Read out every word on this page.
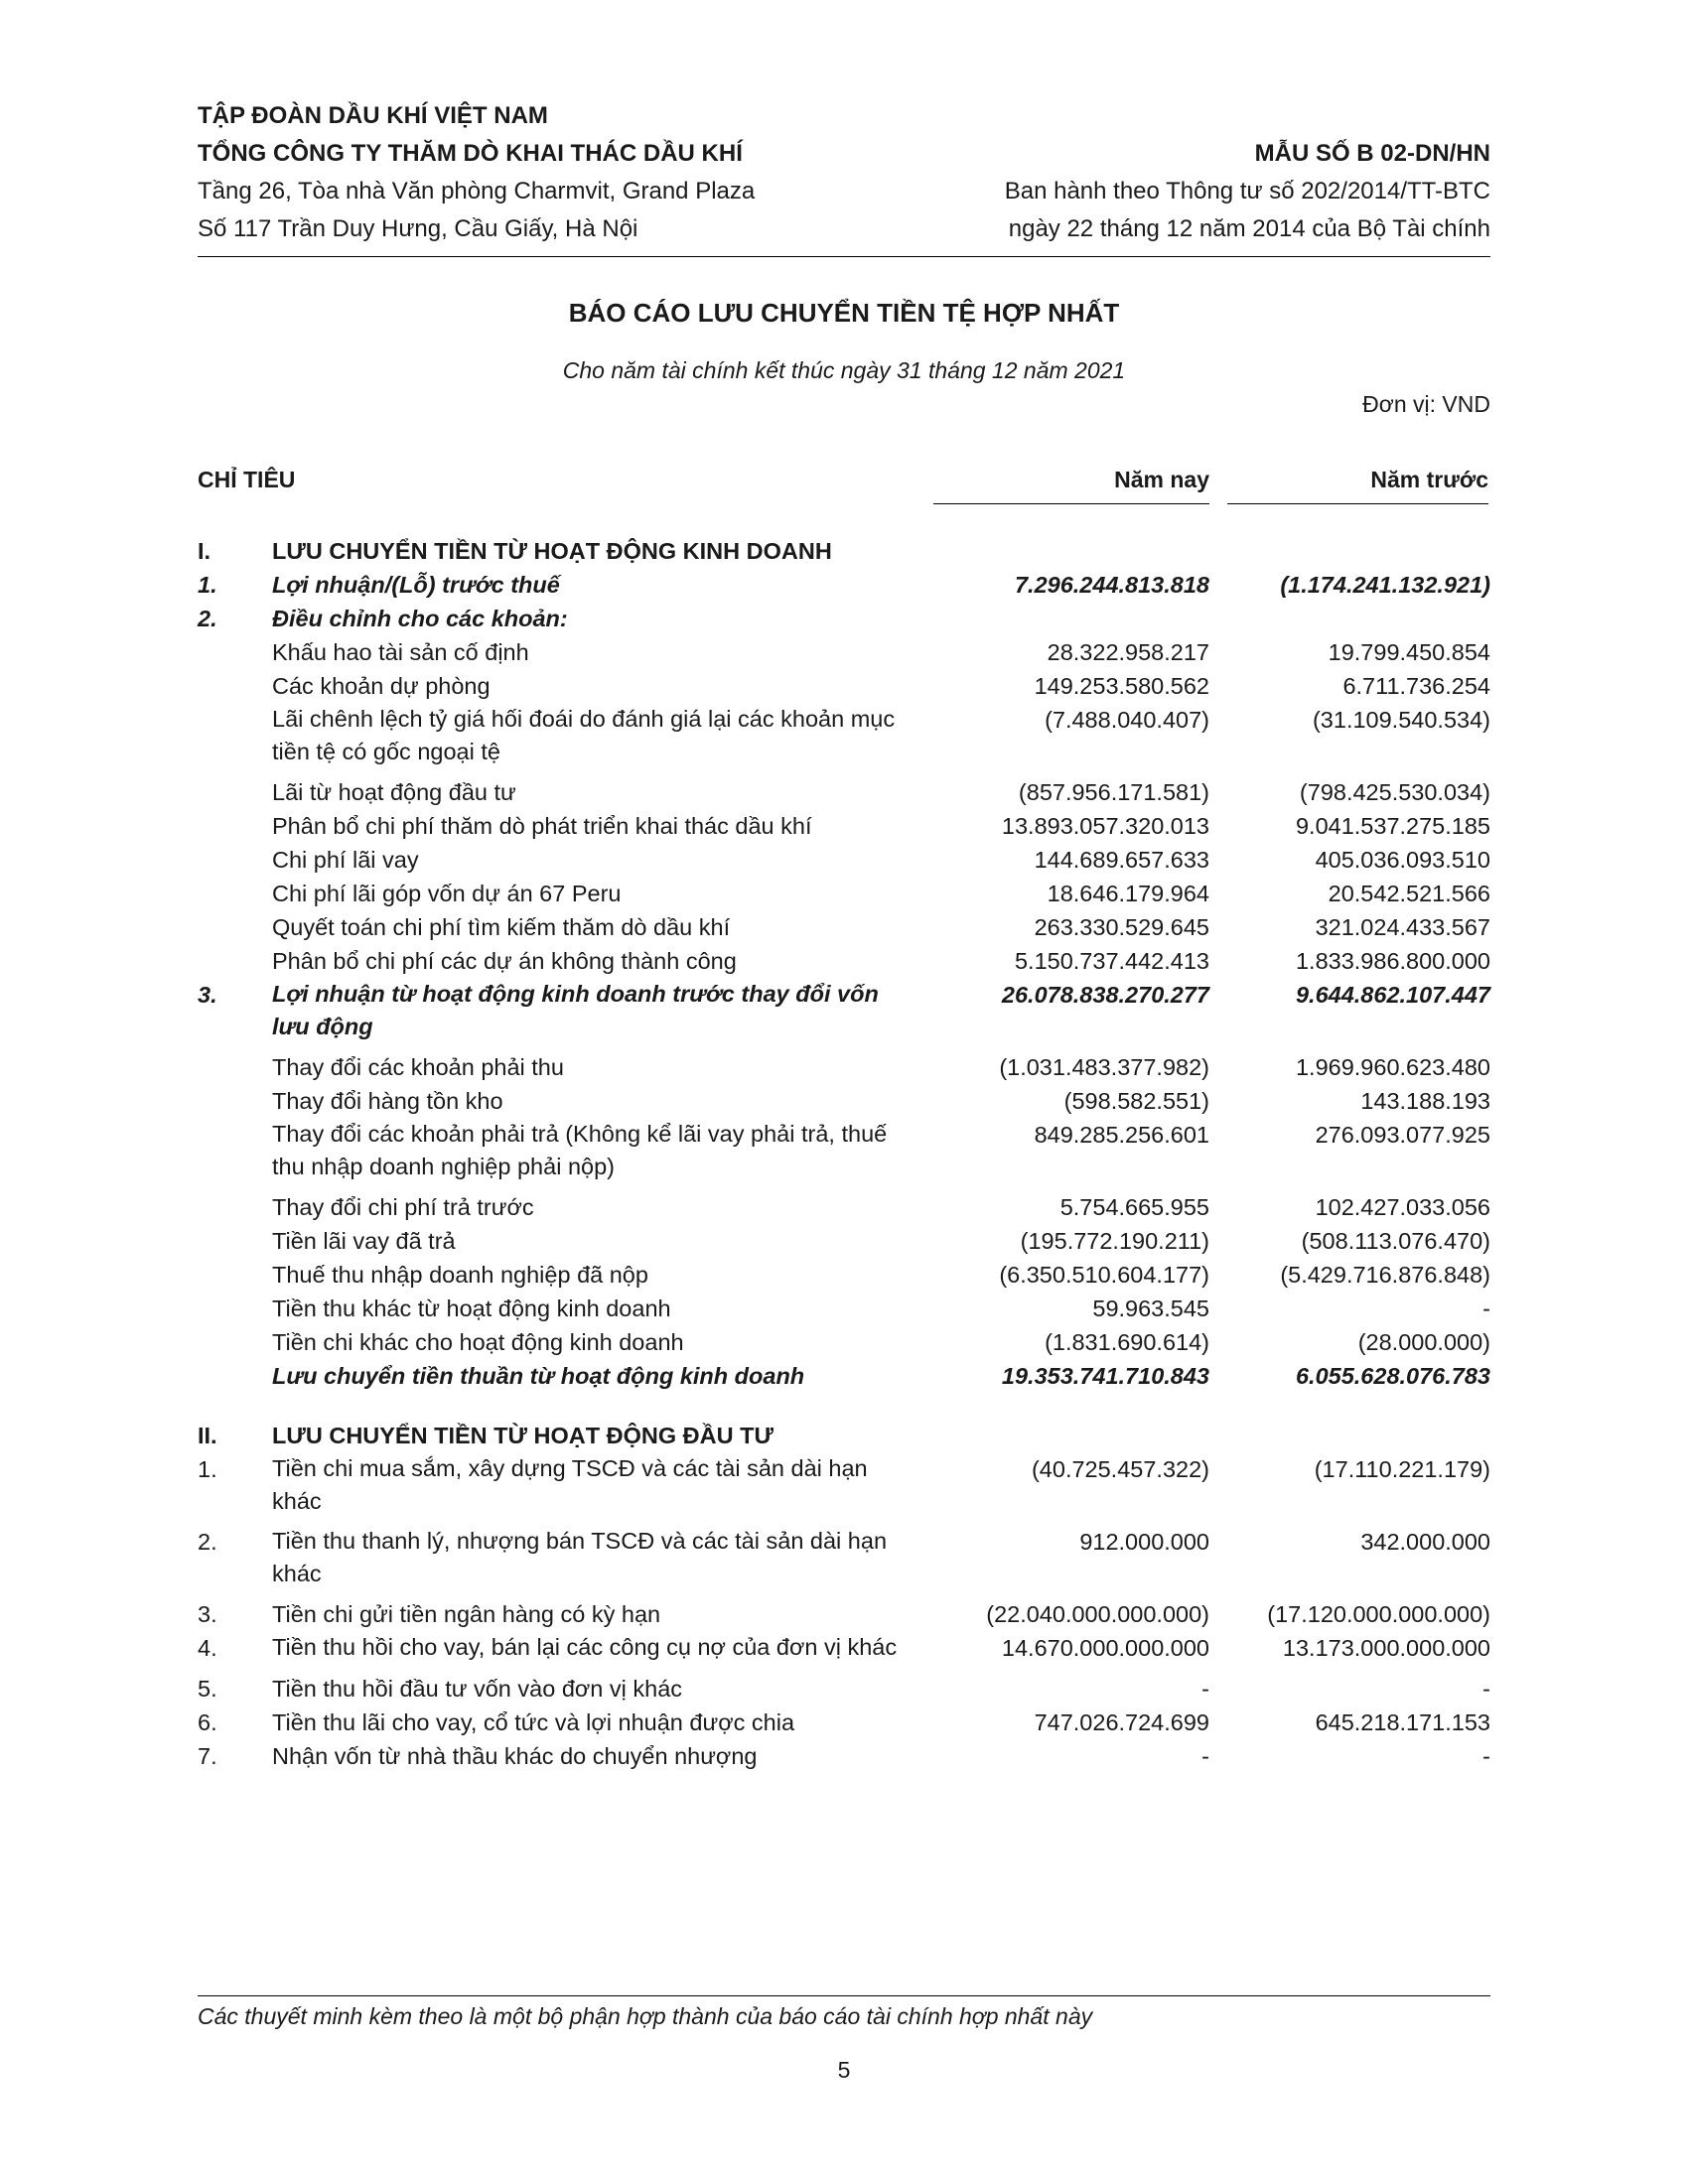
TẬP ĐOÀN DẦU KHÍ VIỆT NAM
TỔNG CÔNG TY THĂM DÒ KHAI THÁC DẦU KHÍ	MẪU SỐ B 02-DN/HN
Tầng 26, Tòa nhà Văn phòng Charmvit, Grand Plaza	Ban hành theo Thông tư số 202/2014/TT-BTC
Số 117 Trần Duy Hưng, Cầu Giấy, Hà Nội	ngày 22 tháng 12 năm 2014 của Bộ Tài chính
BÁO CÁO LƯU CHUYỂN TIỀN TỆ HỢP NHẤT
Cho năm tài chính kết thúc ngày 31 tháng 12 năm 2021
Đơn vị: VND
CHỈ TIÊU	Năm nay	Năm trước
I.	LƯU CHUYỂN TIỀN TỪ HOẠT ĐỘNG KINH DOANH
1.	Lợi nhuận/(Lỗ) trước thuế	7.296.244.813.818	(1.174.241.132.921)
2.	Điều chỉnh cho các khoản:
Khấu hao tài sản cố định	28.322.958.217	19.799.450.854
Các khoản dự phòng	149.253.580.562	6.711.736.254
Lãi chênh lệch tỷ giá hối đoái do đánh giá lại các khoản mục tiền tệ có gốc ngoại tệ
(7.488.040.407)	(31.109.540.534)
Lãi từ hoạt động đầu tư	(857.956.171.581)	(798.425.530.034)
Phân bổ chi phí thăm dò phát triển khai thác dầu khí	13.893.057.320.013	9.041.537.275.185
Chi phí lãi vay	144.689.657.633	405.036.093.510
Chi phí lãi góp vốn dự án 67 Peru	18.646.179.964	20.542.521.566
Quyết toán chi phí tìm kiếm thăm dò dầu khí	263.330.529.645	321.024.433.567
Phân bổ chi phí các dự án không thành công	5.150.737.442.413	1.833.986.800.000
3.	Lợi nhuận từ hoạt động kinh doanh trước thay đổi vốn lưu động
26.078.838.270.277	9.644.862.107.447
Thay đổi các khoản phải thu	(1.031.483.377.982)	1.969.960.623.480
Thay đổi hàng tồn kho	(598.582.551)	143.188.193
Thay đổi các khoản phải trả (Không kể lãi vay phải trả, thuế thu nhập doanh nghiệp phải nộp)
849.285.256.601	276.093.077.925
Thay đổi chi phí trả trước	5.754.665.955	102.427.033.056
Tiền lãi vay đã trả	(195.772.190.211)	(508.113.076.470)
Thuế thu nhập doanh nghiệp đã nộp	(6.350.510.604.177)	(5.429.716.876.848)
Tiền thu khác từ hoạt động kinh doanh	59.963.545	-
Tiền chi khác cho hoạt động kinh doanh	(1.831.690.614)	(28.000.000)
Lưu chuyển tiền thuần từ hoạt động kinh doanh	19.353.741.710.843	6.055.628.076.783
II.	LƯU CHUYỂN TIỀN TỪ HOẠT ĐỘNG ĐẦU TƯ
1.	Tiền chi mua sắm, xây dựng TSCĐ và các tài sản dài hạn khác
(40.725.457.322)	(17.110.221.179)
2.	Tiền thu thanh lý, nhượng bán TSCĐ và các tài sản dài hạn khác
912.000.000	342.000.000
3.	Tiền chi gửi tiền ngân hàng có kỳ hạn	(22.040.000.000.000)	(17.120.000.000.000)
4.	Tiền thu hồi cho vay, bán lại các công cụ nợ của đơn vị khác	14.670.000.000.000	13.173.000.000.000
5.	Tiền thu hồi đầu tư vốn vào đơn vị khác	-	-
6.	Tiền thu lãi cho vay, cổ tức và lợi nhuận được chia	747.026.724.699	645.218.171.153
7.	Nhận vốn từ nhà thầu khác do chuyển nhượng	-	-
Các thuyết minh kèm theo là một bộ phận hợp thành của báo cáo tài chính hợp nhất này
5
